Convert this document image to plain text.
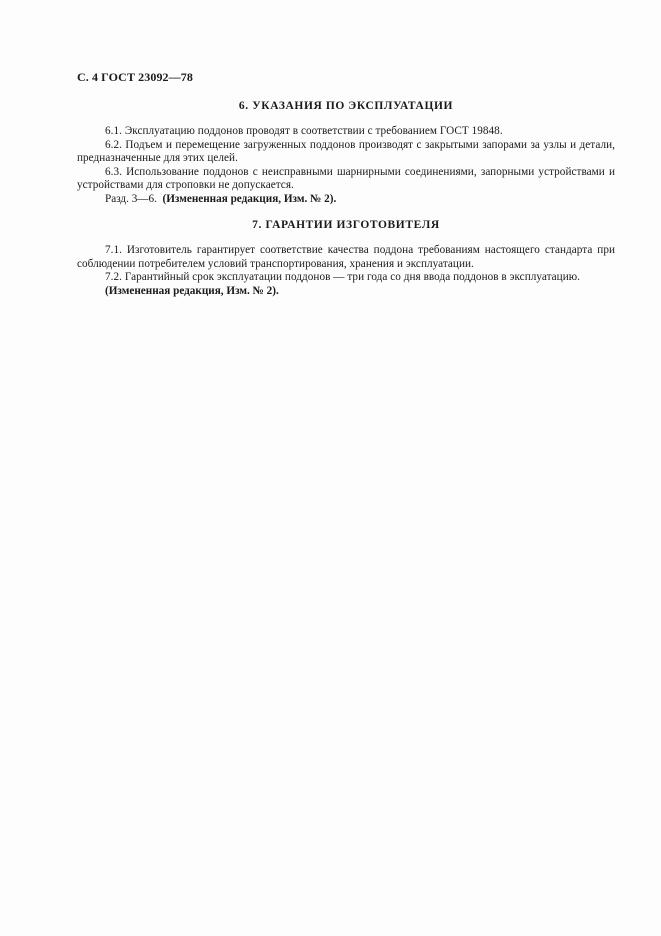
С. 4 ГОСТ 23092—78
6. УКАЗАНИЯ ПО ЭКСПЛУАТАЦИИ

6.1. Эксплуатацию поддонов проводят в соответствии с требованием ГОСТ 19848.

6.2. Подъем и перемещение загруженных поддонов производят с закрытыми запорами за узлы и детали, предназначенные для этих целей.

6.3. Использование поддонов с неисправными шарнирными соединениями, запорными устройствами и устройствами для строповки не допускается.

Разд. 3—6. (Измененная редакция, Изм. № 2).

7. ГАРАНТИИ ИЗГОТОВИТЕЛЯ

7.1. Изготовитель гарантирует соответствие качества поддона требованиям настоящего стандарта при соблюдении потребителем условий транспортирования, хранения и эксплуатации.

7.2. Гарантийный срок эксплуатации поддонов — три года со дня ввода поддонов в эксплуатацию.

(Измененная редакция, Изм. № 2).
